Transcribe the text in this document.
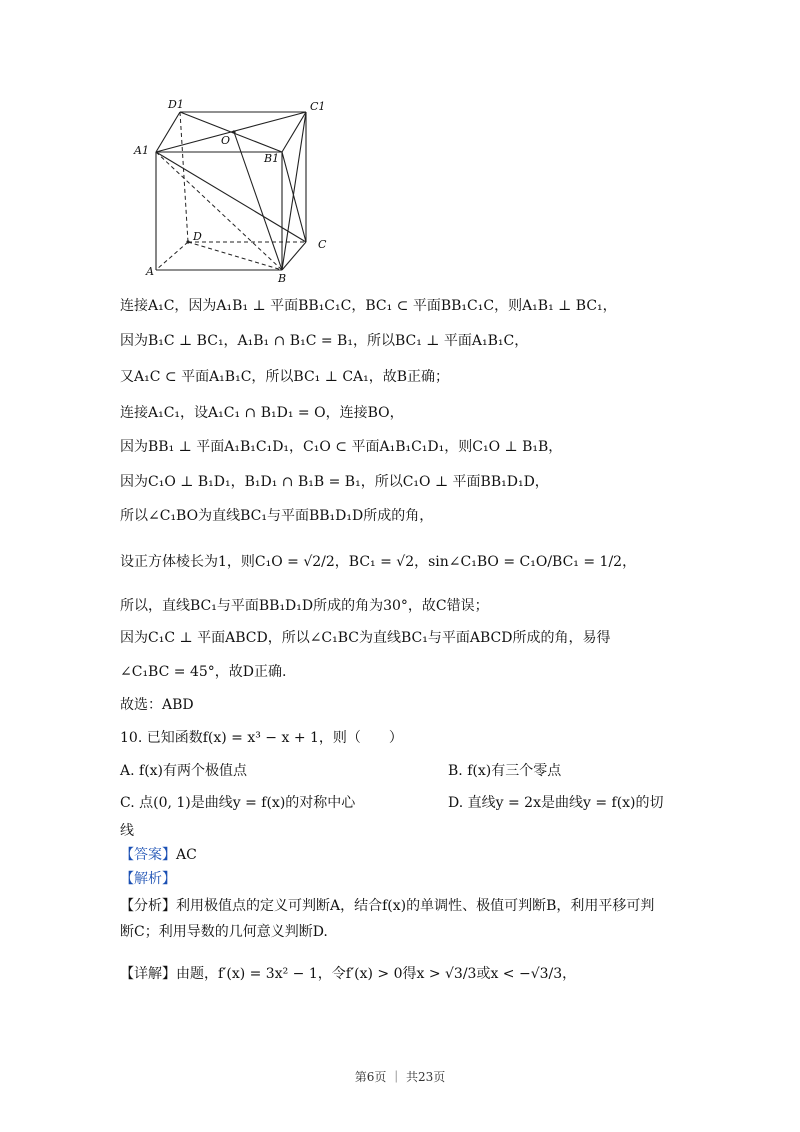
D1	C1
A1
B1
O
D
C
A
B
连接A₁C，因为A₁B₁ ⊥ 平面BB₁C₁C，BC₁ ⊂ 平面BB₁C₁C，则A₁B₁ ⊥ BC₁，
因为B₁C ⊥ BC₁，A₁B₁ ∩ B₁C = B₁，所以BC₁ ⊥ 平面A₁B₁C，
又A₁C ⊂ 平面A₁B₁C，所以BC₁ ⊥ CA₁，故B正确；
连接A₁C₁，设A₁C₁ ∩ B₁D₁ = O，连接BO，
因为BB₁ ⊥ 平面A₁B₁C₁D₁，C₁O ⊂ 平面A₁B₁C₁D₁，则C₁O ⊥ B₁B，
因为C₁O ⊥ B₁D₁，B₁D₁ ∩ B₁B = B₁，所以C₁O ⊥ 平面BB₁D₁D，
所以∠C₁BO为直线BC₁与平面BB₁D₁D所成的角，
设正方体棱长为1，则C₁O = √2/2，BC₁ = √2，sin∠C₁BO = C₁O/BC₁ = 1/2，
所以，直线BC₁与平面BB₁D₁D所成的角为30°，故C错误；
因为C₁C ⊥ 平面ABCD，所以∠C₁BC为直线BC₁与平面ABCD所成的角，易得
∠C₁BC = 45°，故D正确.
故选：ABD
10. 已知函数f(x) = x³ − x + 1，则（　　）
A. f(x)有两个极值点	B. f(x)有三个零点
C. 点(0, 1)是曲线y = f(x)的对称中心	D. 直线y = 2x是曲线y = f(x)的切
线
【答案】AC
【解析】
【分析】利用极值点的定义可判断A，结合f(x)的单调性、极值可判断B，利用平移可判
断C；利用导数的几何意义判断D.
【详解】由题，f′(x) = 3x² − 1，令f′(x) > 0得x > √3/3或x < −√3/3，
第6页 ｜ 共23页
